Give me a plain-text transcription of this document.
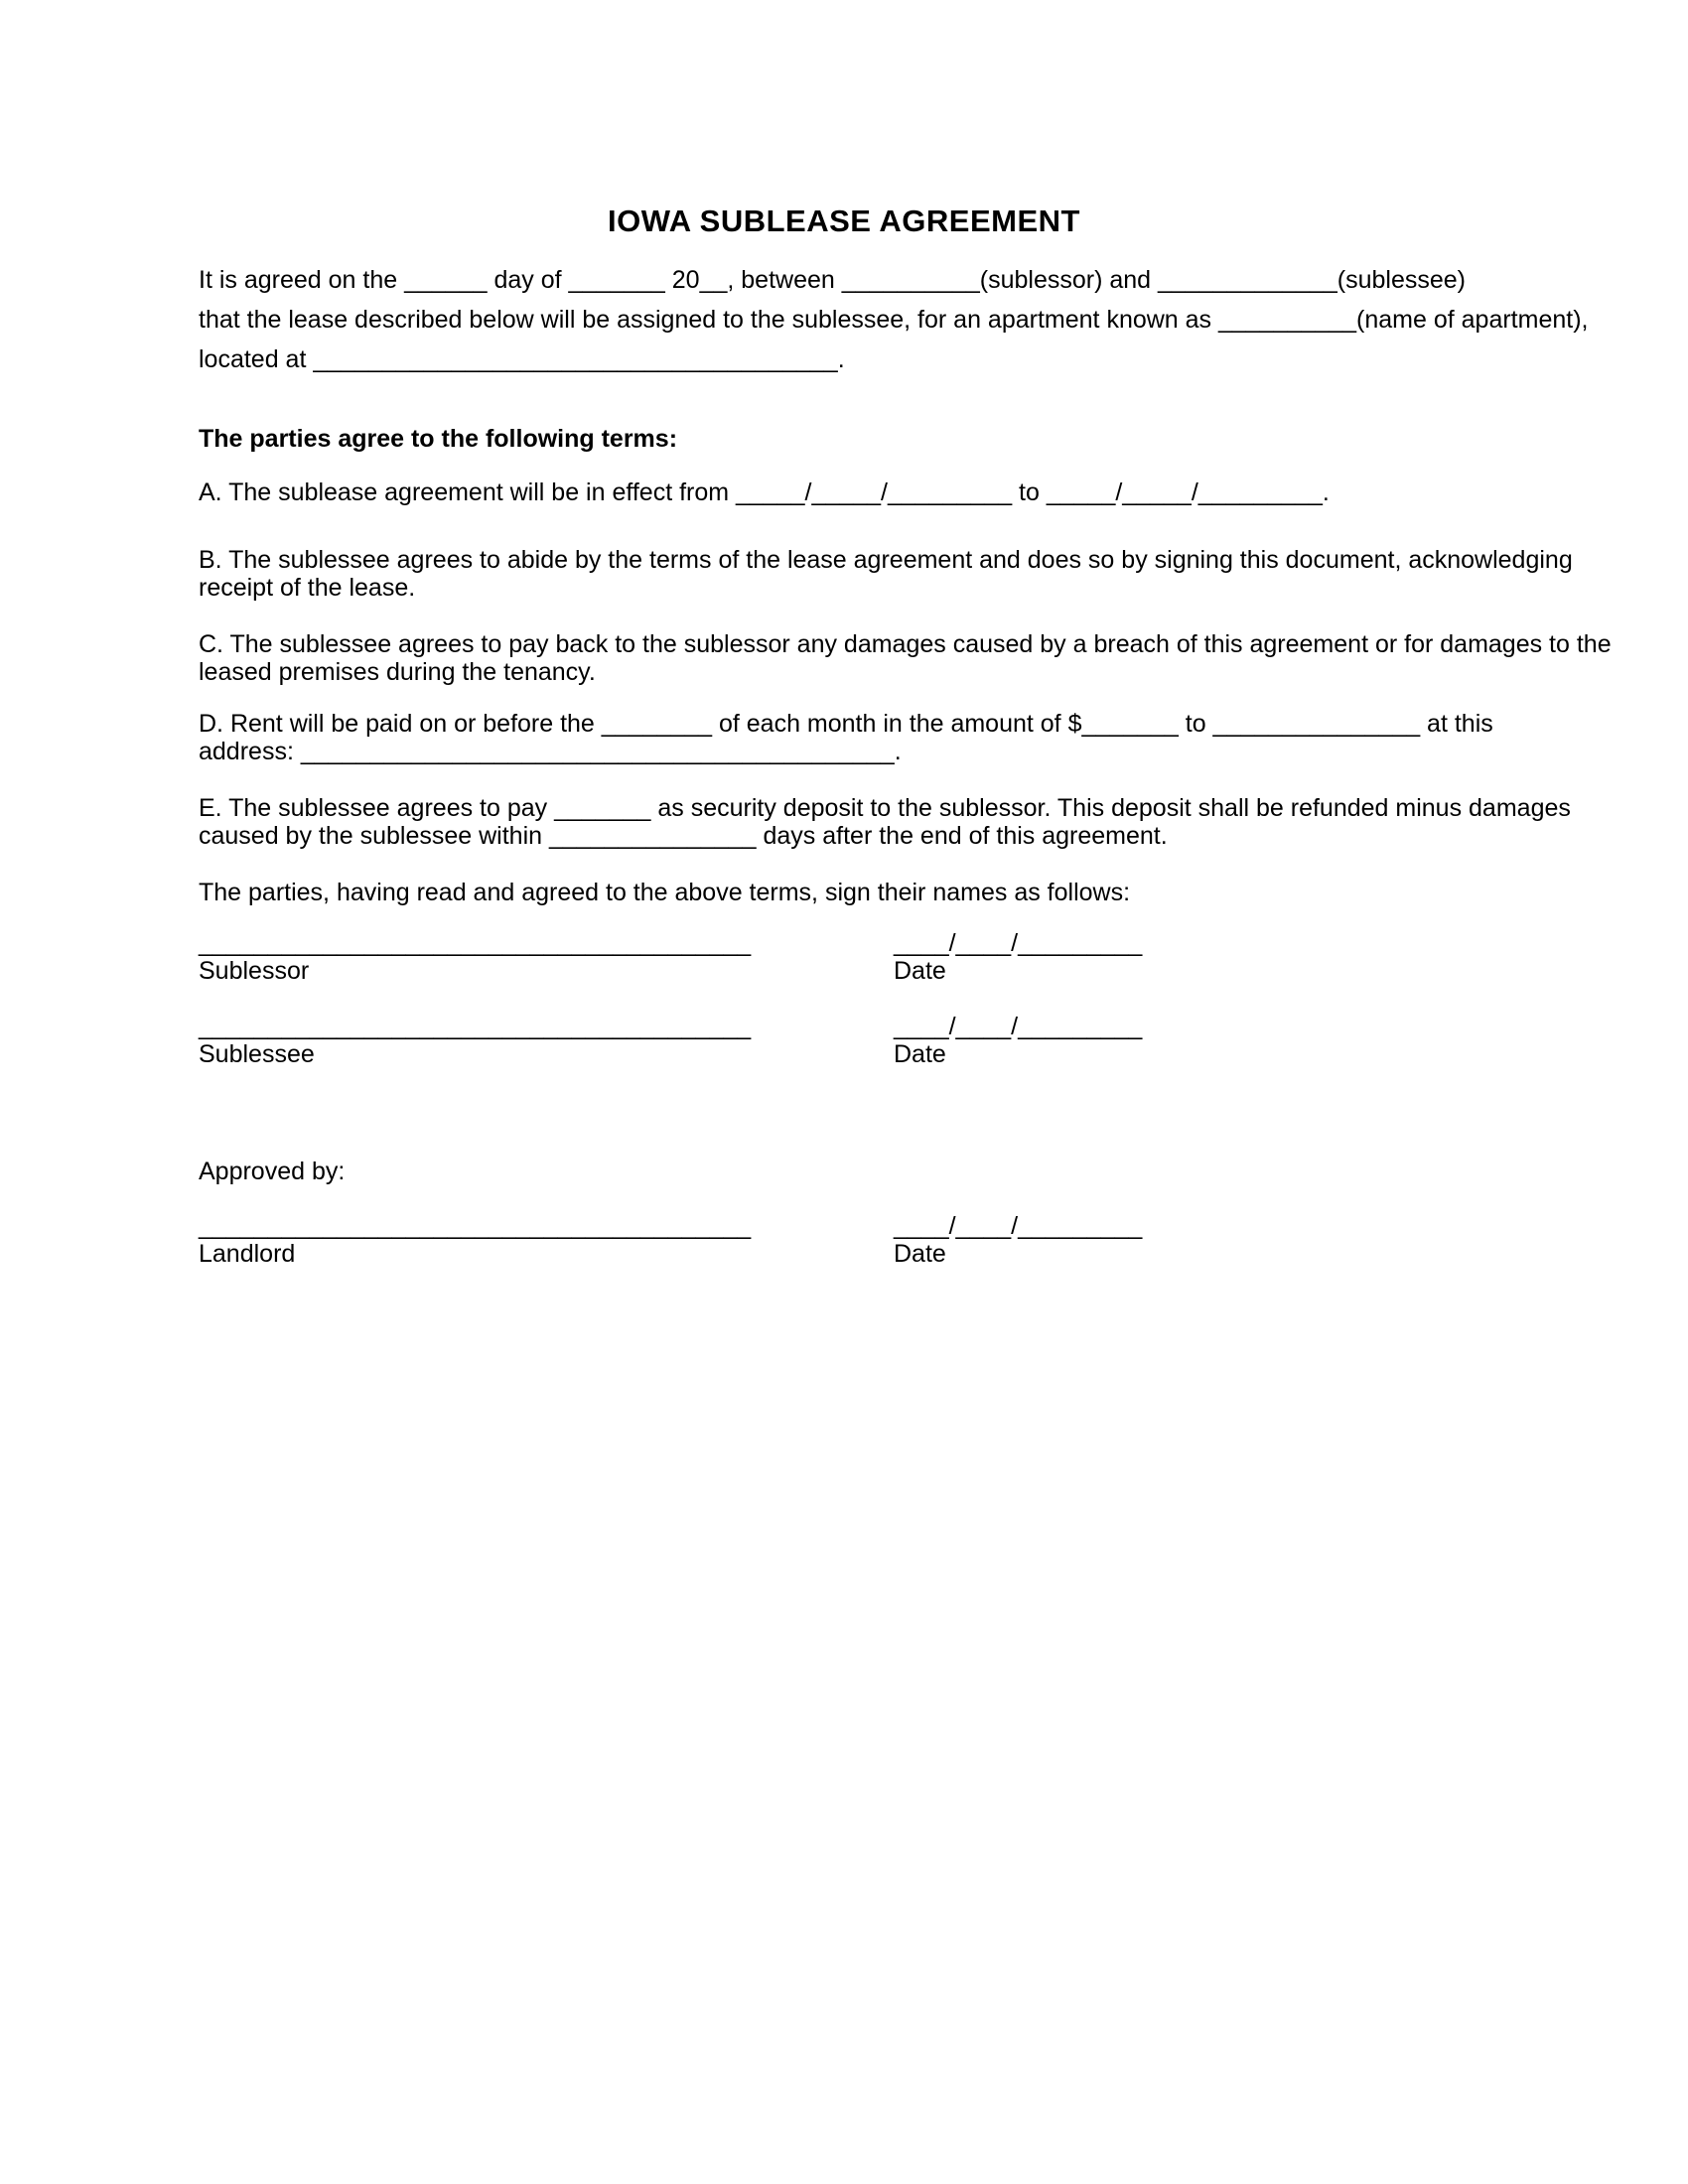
IOWA SUBLEASE AGREEMENT
It is agreed on the ______ day of _______ 20__, between __________(sublessor) and _____________(sublessee)
that the lease described below will be assigned to the sublessee, for an apartment known as __________(name of apartment),
located at ______________________________________.
The parties agree to the following terms:
A. The sublease agreement will be in effect from _____/_____/_________ to _____/_____/_________.
B. The sublessee agrees to abide by the terms of the lease agreement and does so by signing this document, acknowledging
receipt of the lease.
C. The sublessee agrees to pay back to the sublessor any damages caused by a breach of this agreement or for damages to the
leased premises during the tenancy.
D. Rent will be paid on or before the ________ of each month in the amount of $_______ to _______________ at this
address: ___________________________________________.
E. The sublessee agrees to pay _______ as security deposit to the sublessor. This deposit shall be refunded minus damages
caused by the sublessee within _______________ days after the end of this agreement.
The parties, having read and agreed to the above terms, sign their names as follows:
________________________________________
Sublessor
____/____/_________
Date
________________________________________
Sublessee
____/____/_________
Date
Approved by:
________________________________________
Landlord
____/____/_________
Date
